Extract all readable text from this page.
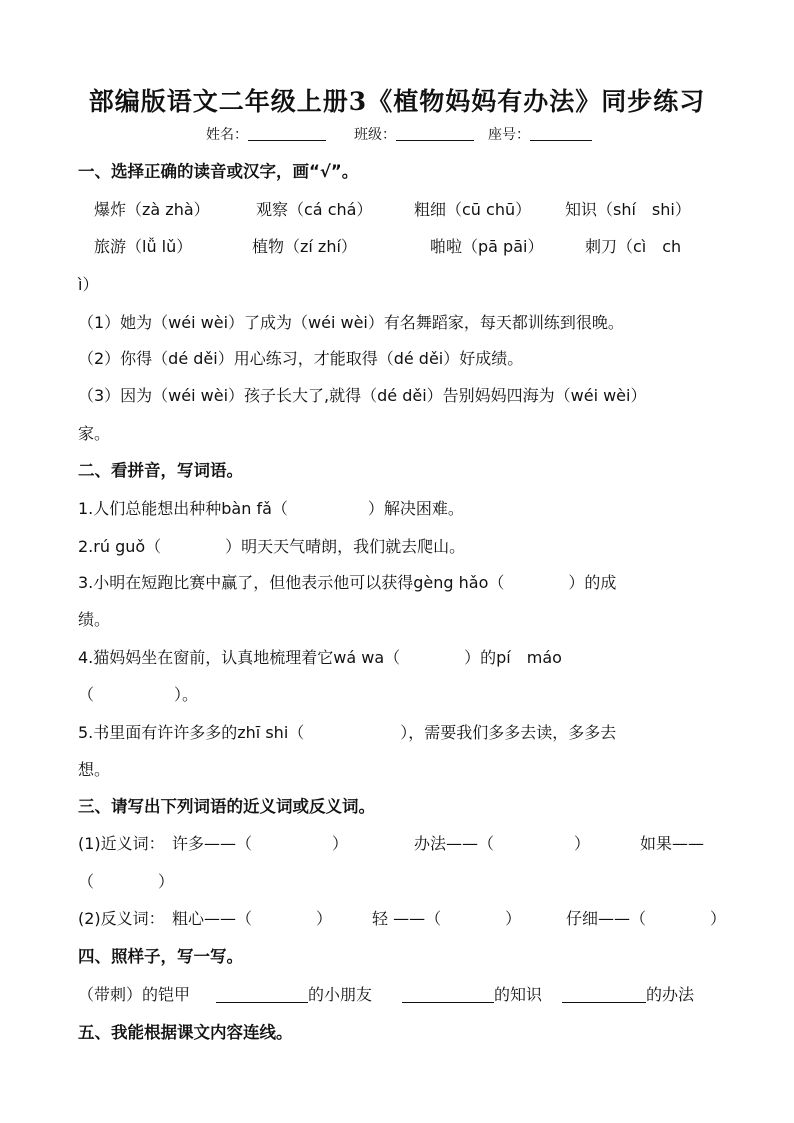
部编版语文二年级上册3《植物妈妈有办法》同步练习
姓名：	班级：	座号：
一、选择正确的读音或汉字，画“√”。
爆炸（zà zhà）	观察（cá chá）	粗细（cū chū） 知识（shí　shi）
旅游（lǚ lǔ）	植物（zí zhí）	啪啦（pā pāi）	刺刀（cì　ch
ì）
（1）她为（wéi wèi）了成为（wéi wèi）有名舞蹈家，每天都训练到很晚。
（2）你得（dé děi）用心练习，才能取得（dé děi）好成绩。
（3）因为（wéi wèi）孩子长大了,就得（dé děi）告别妈妈四海为（wéi wèi）
家。
二、看拼音，写词语。
1.人们总能想出种种bàn fǎ（　　　　　）解决困难。
2.rú guǒ（　　　　）明天天气晴朗，我们就去爬山。
3.小明在短跑比赛中赢了，但他表示他可以获得gèng hǎo（　　　　）的成
绩。
4.猫妈妈坐在窗前，认真地梳理着它wá wa（　　　　）的pí　máo
（　　　　　）。
5.书里面有许许多多的zhī shi（　　　　　　），需要我们多多去读，多多去
想。
三、请写出下列词语的近义词或反义词。
(1)近义词： 许多——（　　　　　）	办法——（　　　　　）	如果——
（　　　　）
(2)反义词： 粗心——（　　　　） 轻 ——（　　　　）	仔细——（　　　　）
四、照样子，写一写。
（带刺）的铠甲	的小朋友	的知识	的办法
五、我能根据课文内容连线。
